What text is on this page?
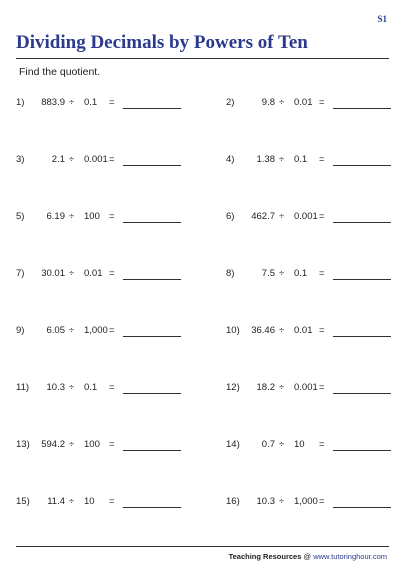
S1
Dividing Decimals by Powers of Ten
Find the quotient.
1)	883.9 ÷ 0.1 =	2)	9.8 ÷ 0.01 =
3)	2.1 ÷ 0.001 =	4)	1.38 ÷ 0.1 =
5)	6.19 ÷ 100 =	6)	462.7 ÷ 0.001 =
7)	30.01 ÷ 0.01 =	8)	7.5 ÷ 0.1 =
9)	6.05 ÷ 1,000 =	10)	36.46 ÷ 0.01 =
11)	10.3 ÷ 0.1 =	12)	18.2 ÷ 0.001 =
13)	594.2 ÷ 100 =	14)	0.7 ÷ 10 =
15)	11.4 ÷ 10 =	16)	10.3 ÷ 1,000 =
Teaching Resources @ www.tutoringhour.com
